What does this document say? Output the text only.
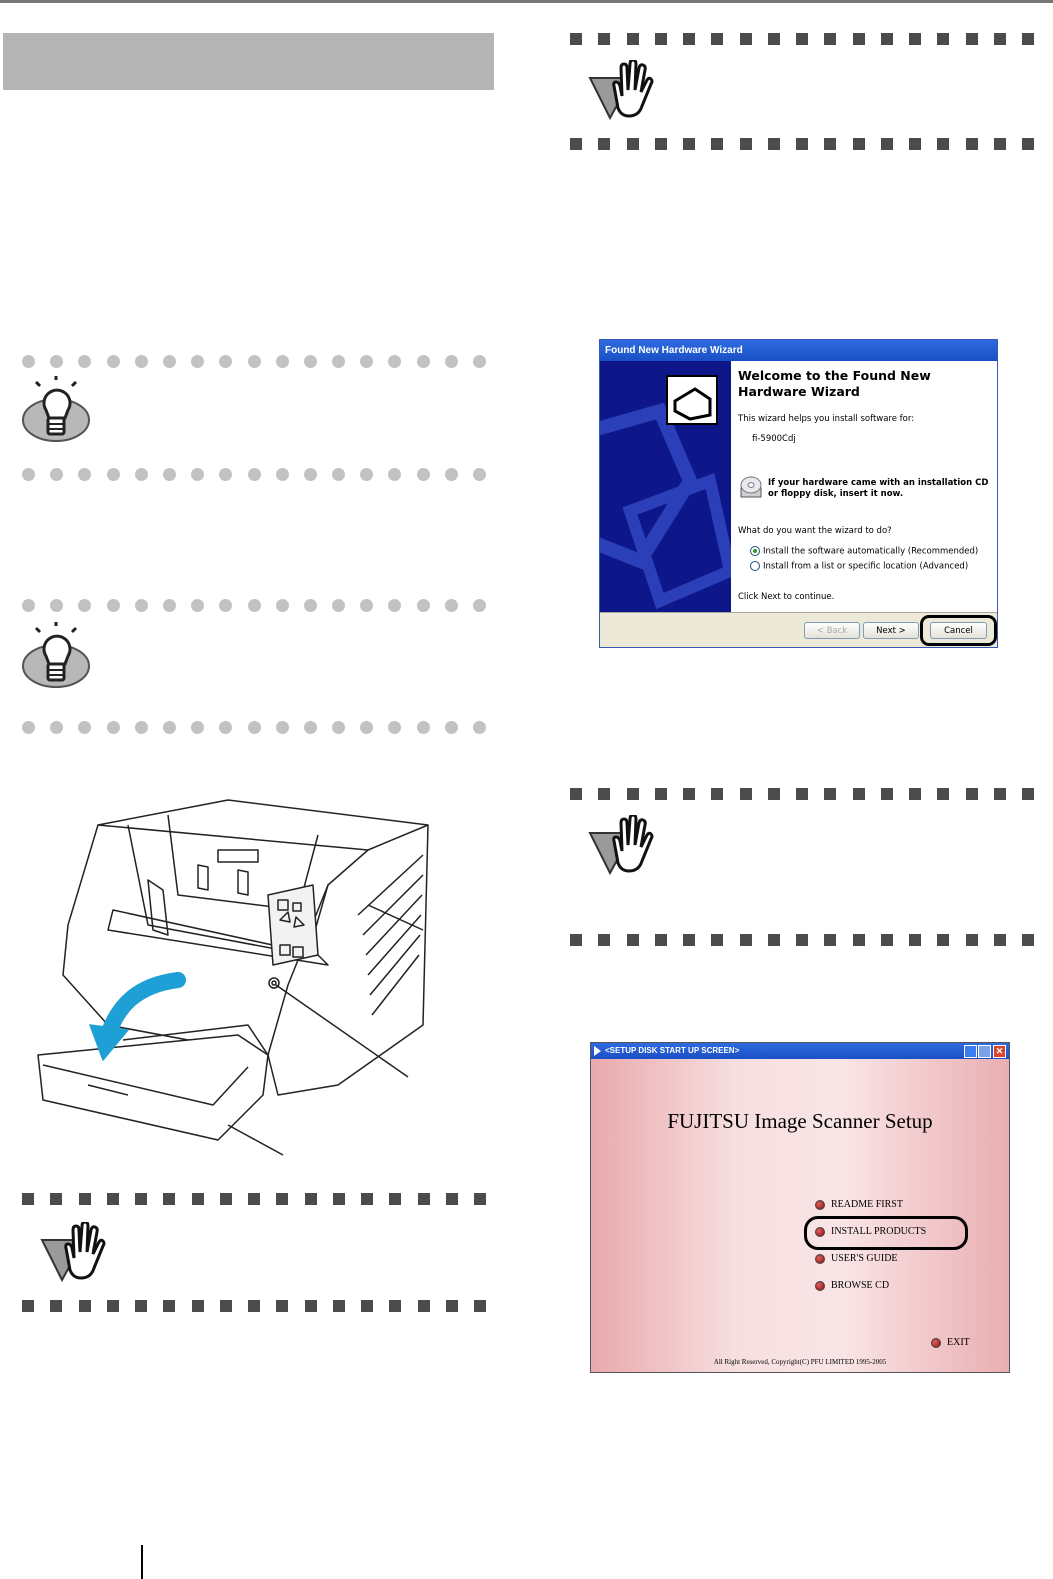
Found New Hardware Wizard
Welcome to the Found New Hardware Wizard
This wizard helps you install software for:
fi-5900Cdj
If your hardware came with an installation CD or floppy disk, insert it now.
What do you want the wizard to do?
Install the software automatically (Recommended)
Install from a list or specific location (Advanced)
Click Next to continue.
< Back	Next >	Cancel
<SETUP DISK START UP SCREEN>	✕
FUJITSU Image Scanner Setup
README FIRST
INSTALL PRODUCTS
USER'S GUIDE
BROWSE CD
EXIT
All Right Reserved, Copyright(C) PFU LIMITED 1995-2005
